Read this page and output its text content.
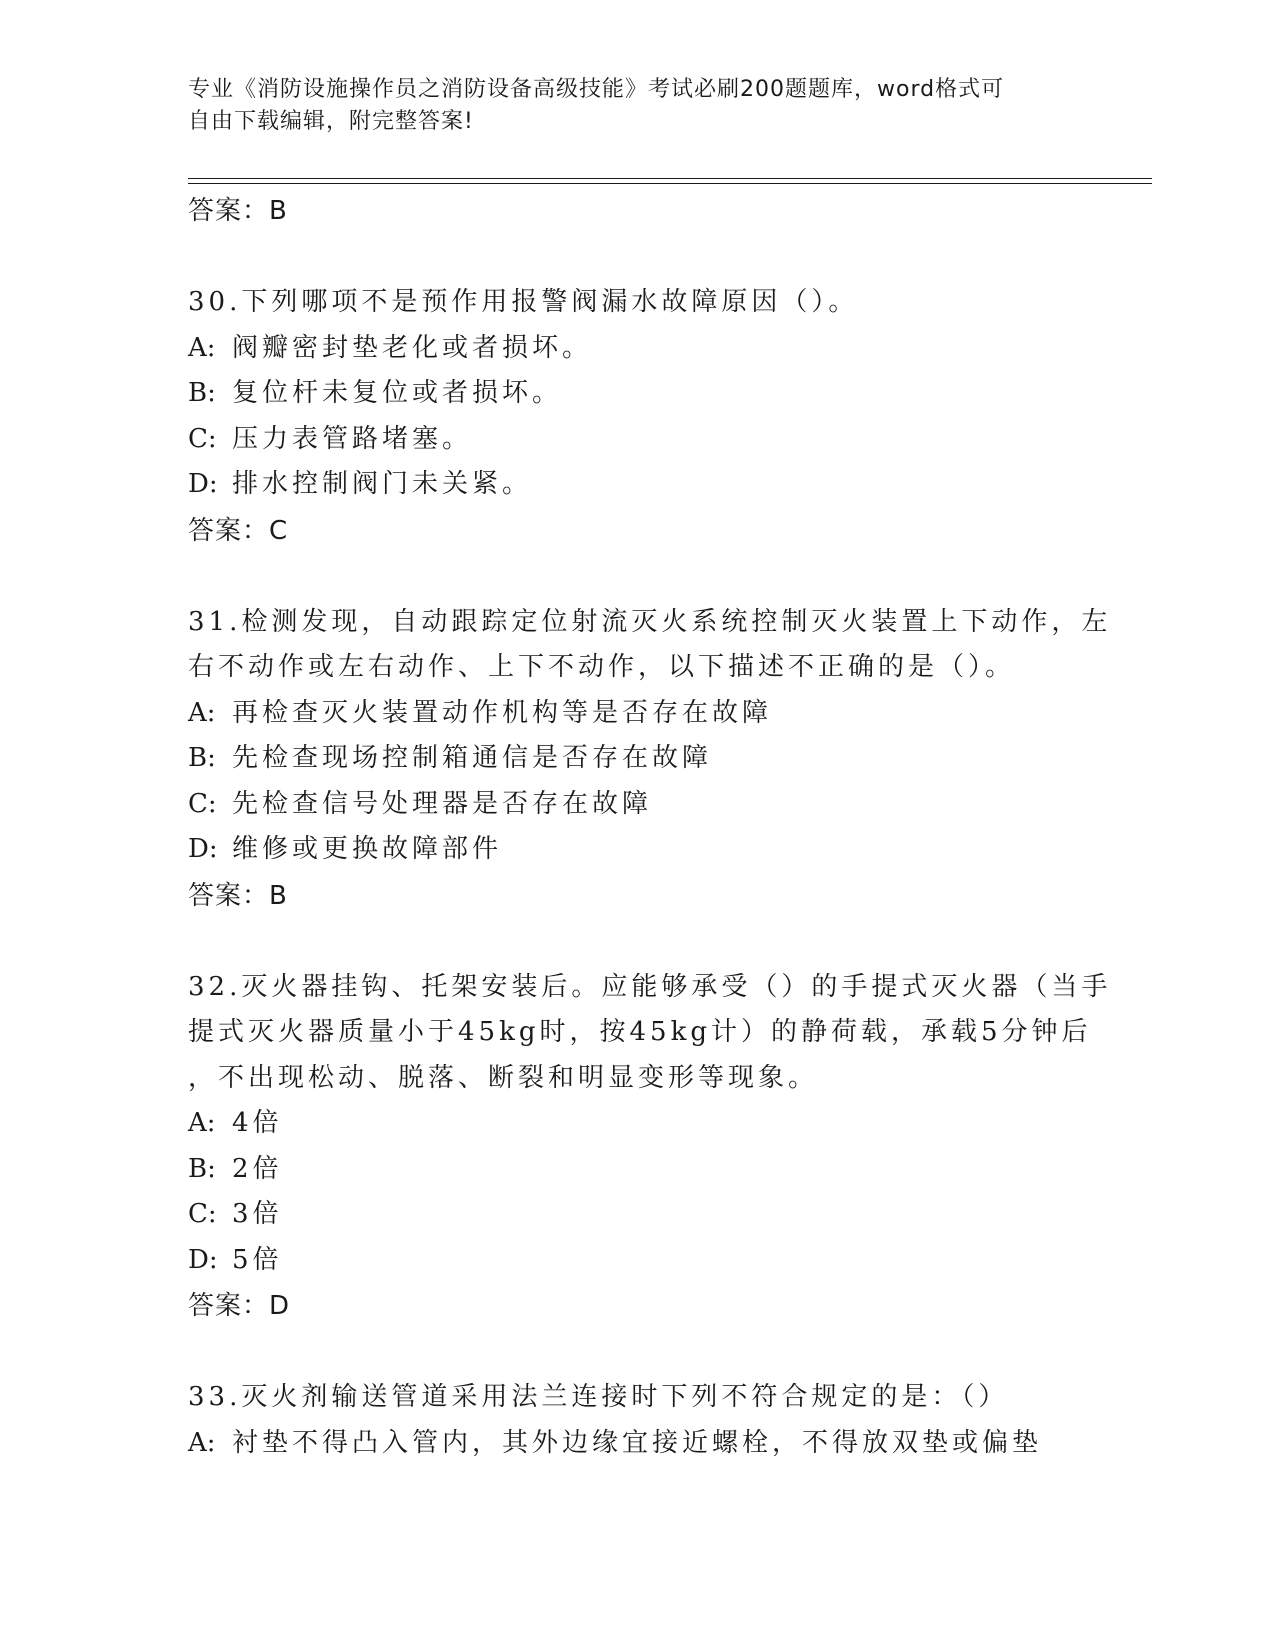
专业《消防设施操作员之消防设备高级技能》考试必刷200题题库，word格式可
自由下载编辑，附完整答案!
答案：B
30.下列哪项不是预作用报警阀漏水故障原因（）。
A: 阀瓣密封垫老化或者损坏。
B: 复位杆未复位或者损坏。
C: 压力表管路堵塞。
D: 排水控制阀门未关紧。
答案：C
31.检测发现，自动跟踪定位射流灭火系统控制灭火装置上下动作，左
右不动作或左右动作、上下不动作，以下描述不正确的是（）。
A: 再检查灭火装置动作机构等是否存在故障
B: 先检查现场控制箱通信是否存在故障
C: 先检查信号处理器是否存在故障
D: 维修或更换故障部件
答案：B
32.灭火器挂钩、托架安装后。应能够承受（）的手提式灭火器（当手
提式灭火器质量小于45kg时，按45kg计）的静荷载，承载5分钟后
，不出现松动、脱落、断裂和明显变形等现象。
A: 4倍
B: 2倍
C: 3倍
D: 5倍
答案：D
33.灭火剂输送管道采用法兰连接时下列不符合规定的是：（）
A: 衬垫不得凸入管内，其外边缘宜接近螺栓，不得放双垫或偏垫
